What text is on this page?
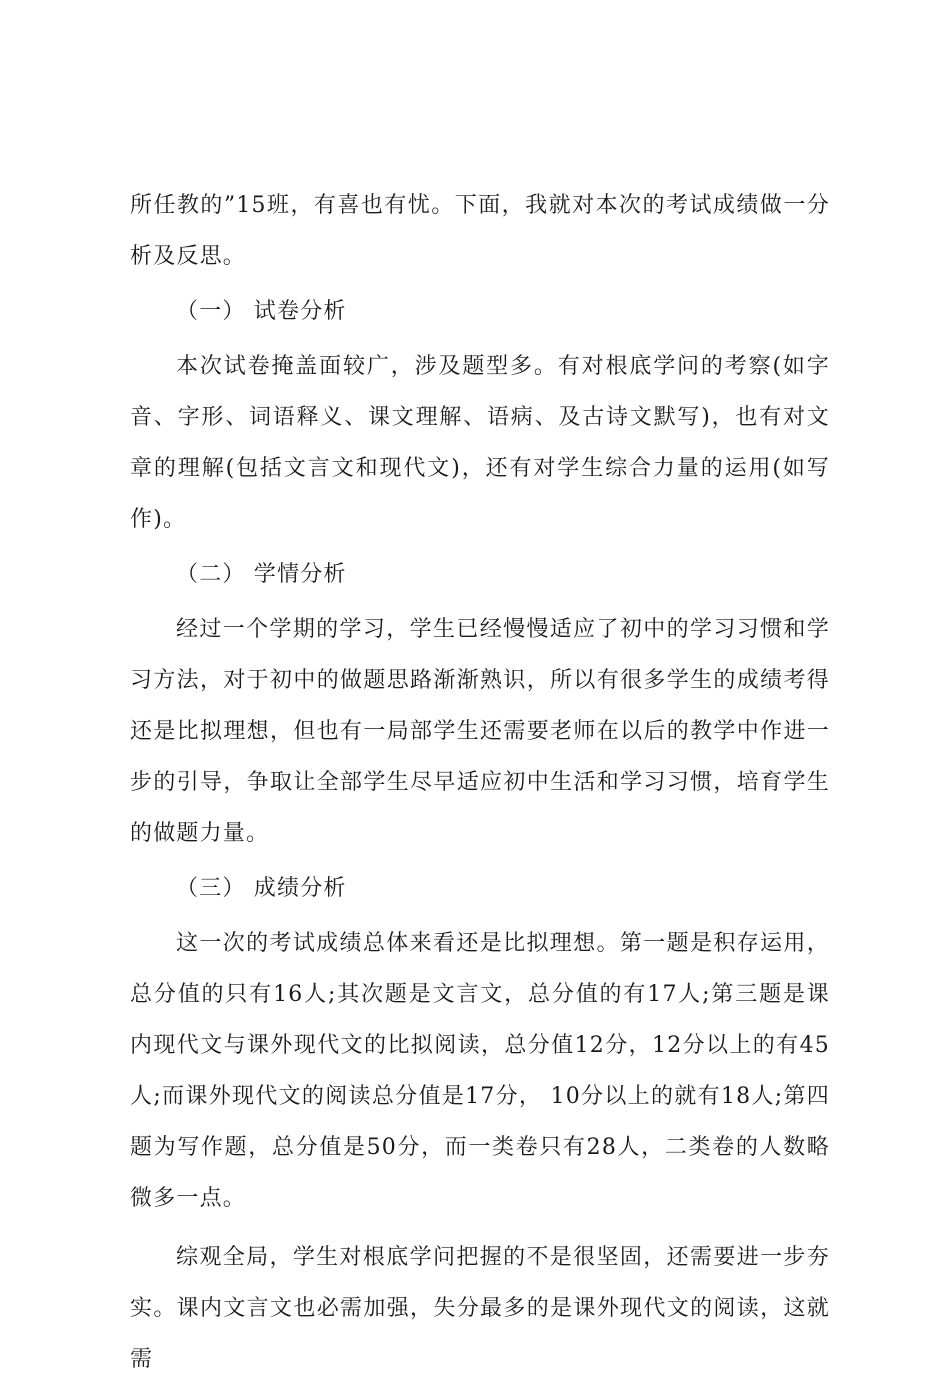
所任教的”15班，有喜也有忧。下面，我就对本次的考试成绩做一分析及反思。

（一） 试卷分析

本次试卷掩盖面较广，涉及题型多。有对根底学问的考察(如字音、字形、词语释义、课文理解、语病、及古诗文默写)，也有对文章的理解(包括文言文和现代文)，还有对学生综合力量的运用(如写作)。

（二） 学情分析

经过一个学期的学习，学生已经慢慢适应了初中的学习习惯和学习方法，对于初中的做题思路渐渐熟识，所以有很多学生的成绩考得还是比拟理想，但也有一局部学生还需要老师在以后的教学中作进一步的引导，争取让全部学生尽早适应初中生活和学习习惯，培育学生的做题力量。

（三） 成绩分析

这一次的考试成绩总体来看还是比拟理想。第一题是积存运用，总分值的只有16人;其次题是文言文，总分值的有17人;第三题是课内现代文与课外现代文的比拟阅读，总分值12分，12分以上的有45人;而课外现代文的阅读总分值是17分， 10分以上的就有18人;第四题为写作题，总分值是50分，而一类卷只有28人，二类卷的人数略微多一点。

综观全局，学生对根底学问把握的不是很坚固，还需要进一步夯实。课内文言文也必需加强，失分最多的是课外现代文的阅读，这就需
